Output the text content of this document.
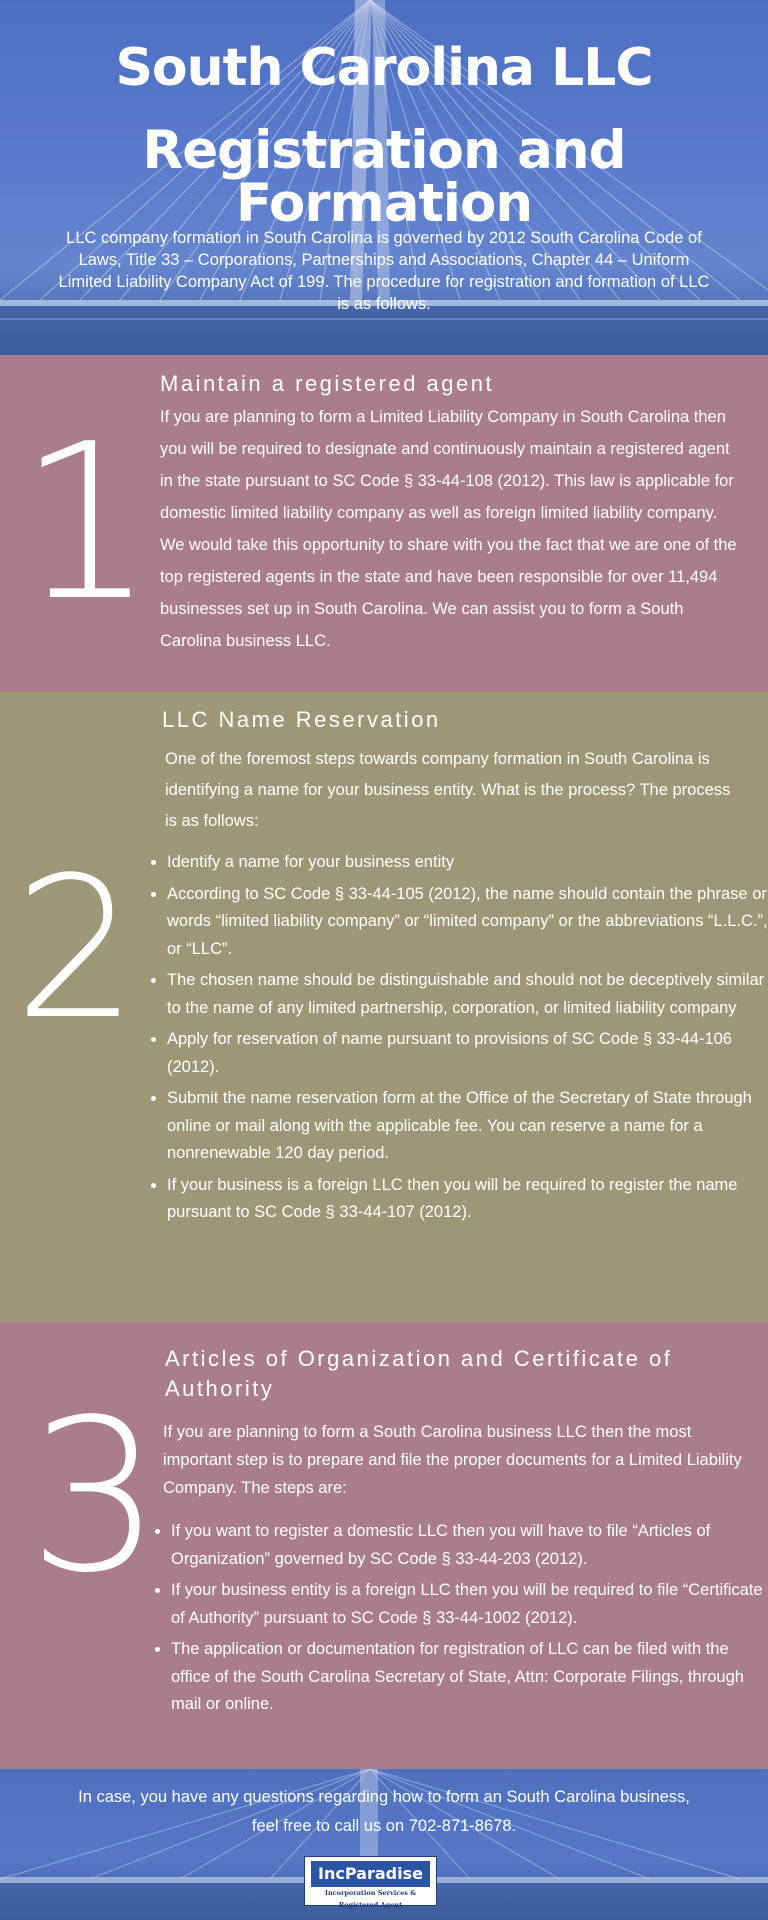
South Carolina LLC
Registration and Formation

LLC company formation in South Carolina is governed by 2012 South Carolina Code of Laws, Title 33 – Corporations, Partnerships and Associations, Chapter 44 – Uniform Limited Liability Company Act of 199. The procedure for registration and formation of LLC is as follows.

1
Maintain a registered agent

If you are planning to form a Limited Liability Company in South Carolina then you will be required to designate and continuously maintain a registered agent in the state pursuant to SC Code § 33-44-108 (2012). This law is applicable for domestic limited liability company as well as foreign limited liability company. We would take this opportunity to share with you the fact that we are one of the top registered agents in the state and have been responsible for over 11,494 businesses set up in South Carolina. We can assist you to form a South Carolina business LLC.

2
LLC Name Reservation

One of the foremost steps towards company formation in South Carolina is identifying a name for your business entity. What is the process? The process is as follows:

• Identify a name for your business entity
• According to SC Code § 33-44-105 (2012), the name should contain the phrase or words “limited liability company” or “limited company” or the abbreviations “L.L.C.”, or “LLC”.
• The chosen name should be distinguishable and should not be deceptively similar to the name of any limited partnership, corporation, or limited liability company
• Apply for reservation of name pursuant to provisions of SC Code § 33-44-106 (2012).
• Submit the name reservation form at the Office of the Secretary of State through online or mail along with the applicable fee. You can reserve a name for a nonrenewable 120 day period.
• If your business is a foreign LLC then you will be required to register the name pursuant to SC Code § 33-44-107 (2012).
3
Articles of Organization and Certificate of Authority

If you are planning to form a South Carolina business LLC then the most important step is to prepare and file the proper documents for a Limited Liability Company. The steps are:

• If you want to register a domestic LLC then you will have to file “Articles of Organization” governed by SC Code § 33-44-203 (2012).
• If your business entity is a foreign LLC then you will be required to file “Certificate of Authority” pursuant to SC Code § 33-44-1002 (2012).
• The application or documentation for registration of LLC can be filed with the office of the South Carolina Secretary of State, Attn: Corporate Filings, through mail or online.

In case, you have any questions regarding how to form an South Carolina business, feel free to call us on 702-871-8678.

IncParadise
Incorporation Services & Registered Agent
